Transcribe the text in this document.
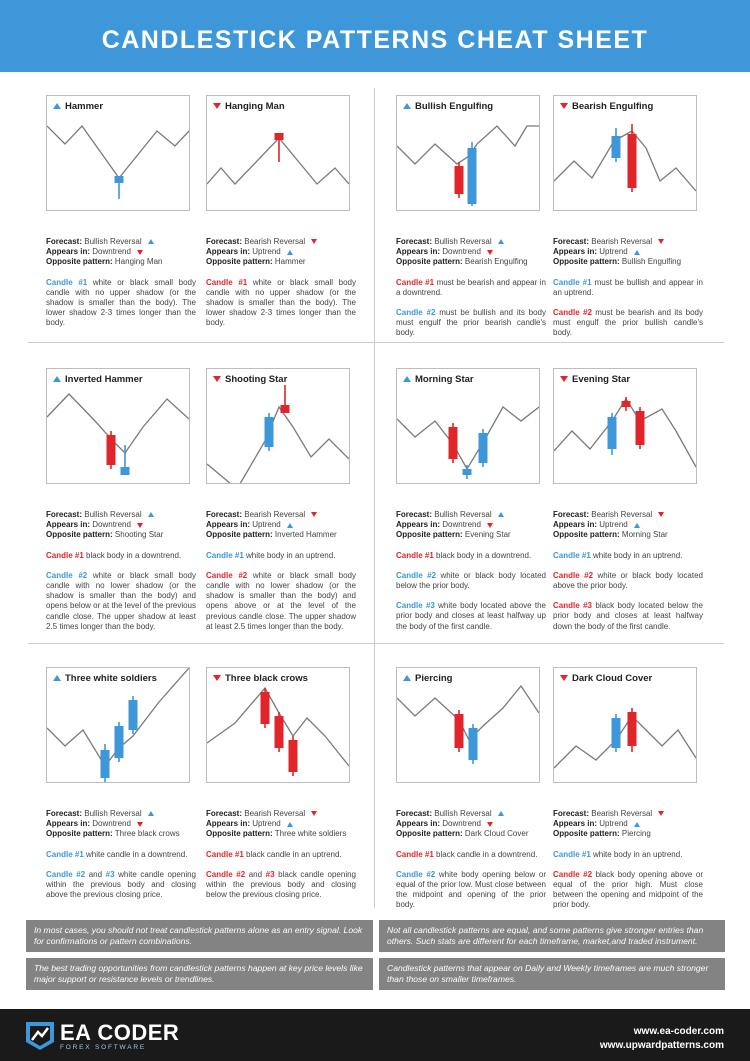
CANDLESTICK PATTERNS CHEAT SHEET
Hammer
Forecast: Bullish Reversal
Appears in: Downtrend
Opposite pattern: Hanging Man
Candle #1 white or black small body candle with no upper shadow (or the shadow is smaller than the body). The lower shadow 2-3 times longer than the body.
Hanging Man
Forecast: Bearish Reversal
Appears in: Uptrend
Opposite pattern: Hammer
Candle #1 white or black small body candle with no upper shadow (or the shadow is smaller than the body). The lower shadow 2-3 times longer than the body.
Bullish Engulfing
Forecast: Bullish Reversal
Appears in: Downtrend
Opposite pattern: Bearish Engulfing
Candle #1 must be bearish and appear in a downtrend.
Candle #2 must be bullish and its body must engulf the prior bearish candle's body.
Bearish Engulfing
Forecast: Bearish Reversal
Appears in: Uptrend
Opposite pattern: Bullish Engulfing
Candle #1 must be bullish and appear in an uptrend.
Candle #2 must be bearish and its body must engulf the prior bullish candle's body.
Inverted Hammer
Forecast: Bullish Reversal
Appears in: Downtrend
Opposite pattern: Shooting Star
Candle #1 black body in a downtrend.
Candle #2 white or black small body candle with no lower shadow (or the shadow is smaller than the body) and opens below or at the level of the previous candle close. The upper shadow at least 2.5 times longer than the body.
Shooting Star
Forecast: Bearish Reversal
Appears in: Uptrend
Opposite pattern: Inverted Hammer
Candle #1 white body in an uptrend.
Candle #2 white or black small body candle with no lower shadow (or the shadow is smaller than the body) and opens above or at the level of the previous candle close. The upper shadow at least 2.5 times longer than the body.
Morning Star
Forecast: Bullish Reversal
Appears in: Downtrend
Opposite pattern: Evening Star
Candle #1 black body in a downtrend.
Candle #2 white or black body located below the prior body.
Candle #3 white body located above the prior body and closes at least halfway up the body of the first candle.
Evening Star
Forecast: Bearish Reversal
Appears in: Uptrend
Opposite pattern: Morning Star
Candle #1 white body in an uptrend.
Candle #2 white or black body located above the prior body.
Candle #3 black body located below the prior body and closes at least halfway down the body of the first candle.
Three white soldiers
Forecast: Bullish Reversal
Appears in: Downtrend
Opposite pattern: Three black crows
Candle #1 white candle in a downtrend.
Candle #2 and #3 white candle opening within the previous body and closing above the previous closing price.
Three black crows
Forecast: Bearish Reversal
Appears in: Uptrend
Opposite pattern: Three white soldiers
Candle #1 black candle in an uptrend.
Candle #2 and #3 black candle opening within the previous body and closing below the previous closing price.
Piercing
Forecast: Bullish Reversal
Appears in: Downtrend
Opposite pattern: Dark Cloud Cover
Candle #1 black candle in a downtrend.
Candle #2 white body opening below or equal of the prior low. Must close between the midpoint and opening of the prior body.
Dark Cloud Cover
Forecast: Bearish Reversal
Appears in: Uptrend
Opposite pattern: Piercing
Candle #1 white body in an uptrend.
Candle #2 black body opening above or equal of the prior high. Must close between the opening and midpoint of the prior body.
In most cases, you should not treat candlestick patterns alone as an entry signal. Look for confirmations or pattern combinations.
Not all candlestick patterns are equal, and some patterns give stronger entries than others. Such stats are different for each timeframe, market,and traded instrument.
The best trading opportunities from candlestick patterns happen at key price levels like major support or resistance levels or trendlines.
Candlestick patterns that appear on Daily and Weekly timeframes are much stronger than those on smaller timeframes.
EA CODER
FOREX SOFTWARE
www.ea-coder.com
www.upwardpatterns.com
